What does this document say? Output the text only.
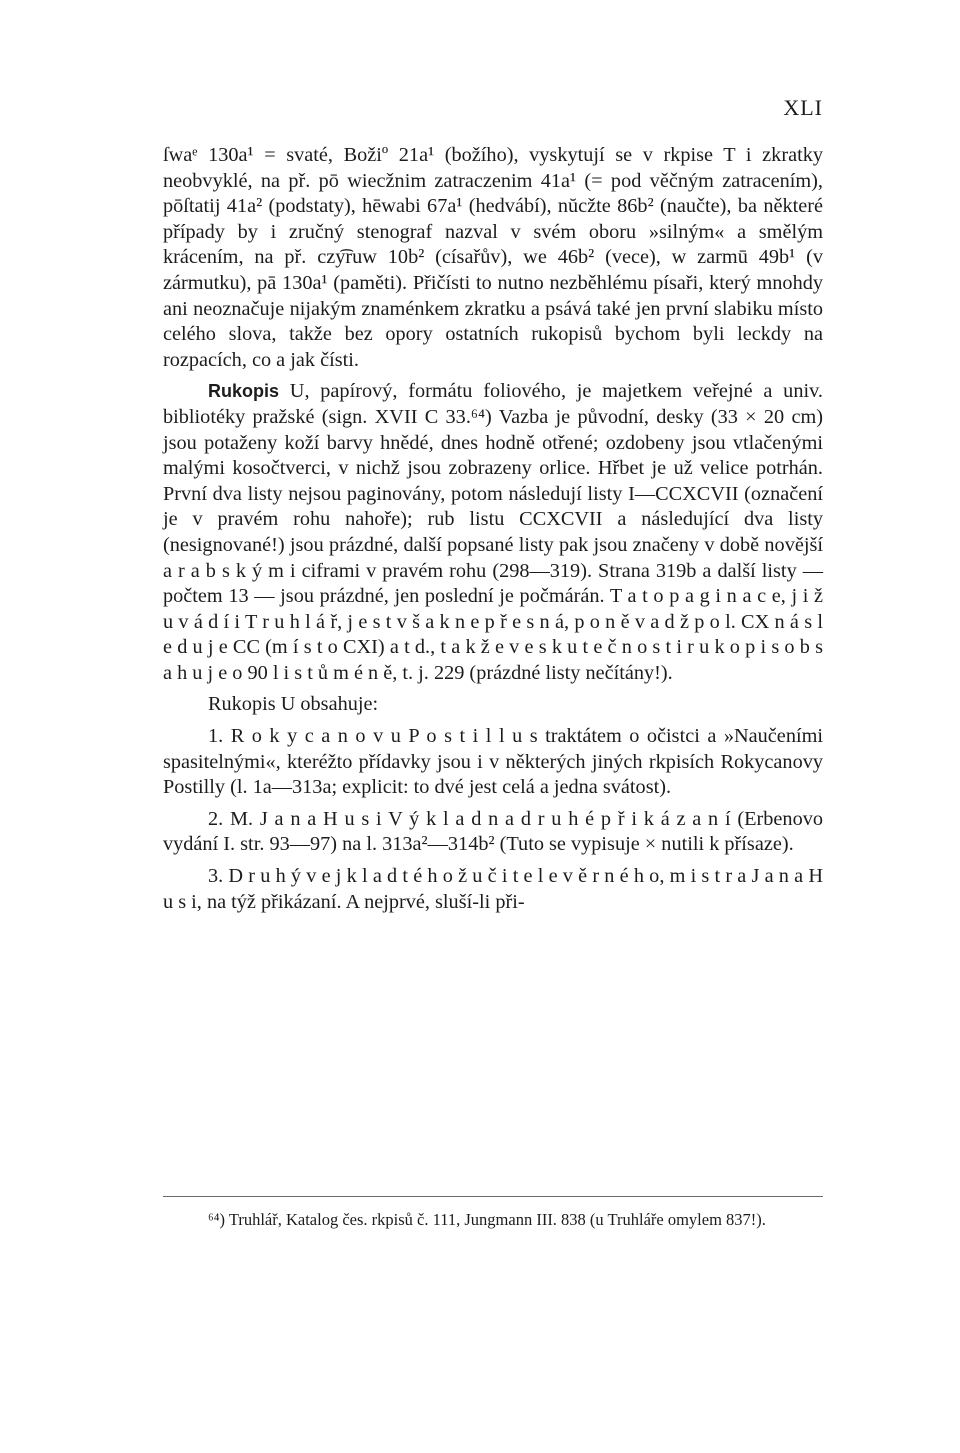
XLI

ſwaᵉ 130a¹ = svaté, Božiº 21a¹ (božího), vyskytují se v rkpise T i zkratky neobvyklé, na př. pō wiecžnim zatraczenim 41a¹ (= pod věčným zatracením), pōſtatij 41a² (podstaty), hēwabi 67a¹ (hedvábí), nŭcžte 86b² (naučte), ba některé případy by i zručný stenograf nazval v svém oboru »silným« a smělým krácením, na př. czy͡ruw 10b² (císařův), we 46b² (vece), w zarmū 49b¹ (v zármutku), pā 130a¹ (paměti). Přičísti to nutno nezběhlému písaři, který mnohdy ani neoznačuje nijakým znaménkem zkratku a psává také jen první slabiku místo celého slova, takže bez opory ostatních rukopisů bychom byli leckdy na rozpacích, co a jak čísti.

Rukopis U, papírový, formátu foliového, je majetkem veřejné a univ. bibliotéky pražské (sign. XVII C 33.⁶⁴) Vazba je původní, desky (33 × 20 cm) jsou potaženy koží barvy hnědé, dnes hodně otřené; ozdobeny jsou vtlačenými malými kosočtverci, v nichž jsou zobrazeny orlice. Hřbet je už velice potrhán. První dva listy nejsou paginovány, potom následují listy I—CCXCVII (označení je v pravém rohu nahoře); rub listu CCXCVII a následující dva listy (nesignované!) jsou prázdné, další popsané listy pak jsou značeny v době novější a r a b s k ý m i ciframi v pravém rohu (298—319). Strana 319b a další listy — počtem 13 — jsou prázdné, jen poslední je počmárán. T a t o p a g i n a c e, j i ž u v á d í i T r u h l á ř, j e s t v š a k n e p ř e s n á, p o n ě v a d ž p o l. CX n á s l e d u j e CC (m í s t o CXI) a t d., t a k ž e v e s k u t e č n o s t i r u k o p i s o b s a h u j e o 90 l i s t ů m é n ě, t. j. 229 (prázdné listy nečítány!).

Rukopis U obsahuje:

1. R o k y c a n o v u P o s t i l l u s traktátem o očistci a »Naučeními spasitelnými«, kteréžto přídavky jsou i v některých jiných rkpisích Rokycanovy Postilly (l. 1a—313a; explicit: to dvé jest celá a jedna svátost).

2. M. J a n a H u s i V ý k l a d n a d r u h é p ř i k á z a n í (Erbenovo vydání I. str. 93—97) na l. 313a²—314b² (Tuto se vypisuje × nutili k přísaze).

3. D r u h ý v e j k l a d t é h o ž u č i t e l e v ě r n é h o, m i s t r a J a n a H u s i, na týž přikázaní. A nejprvé, sluší-li při-

⁶⁴) Truhlář, Katalog čes. rkpisů č. 111, Jungmann III. 838 (u Truhláře omylem 837!).
